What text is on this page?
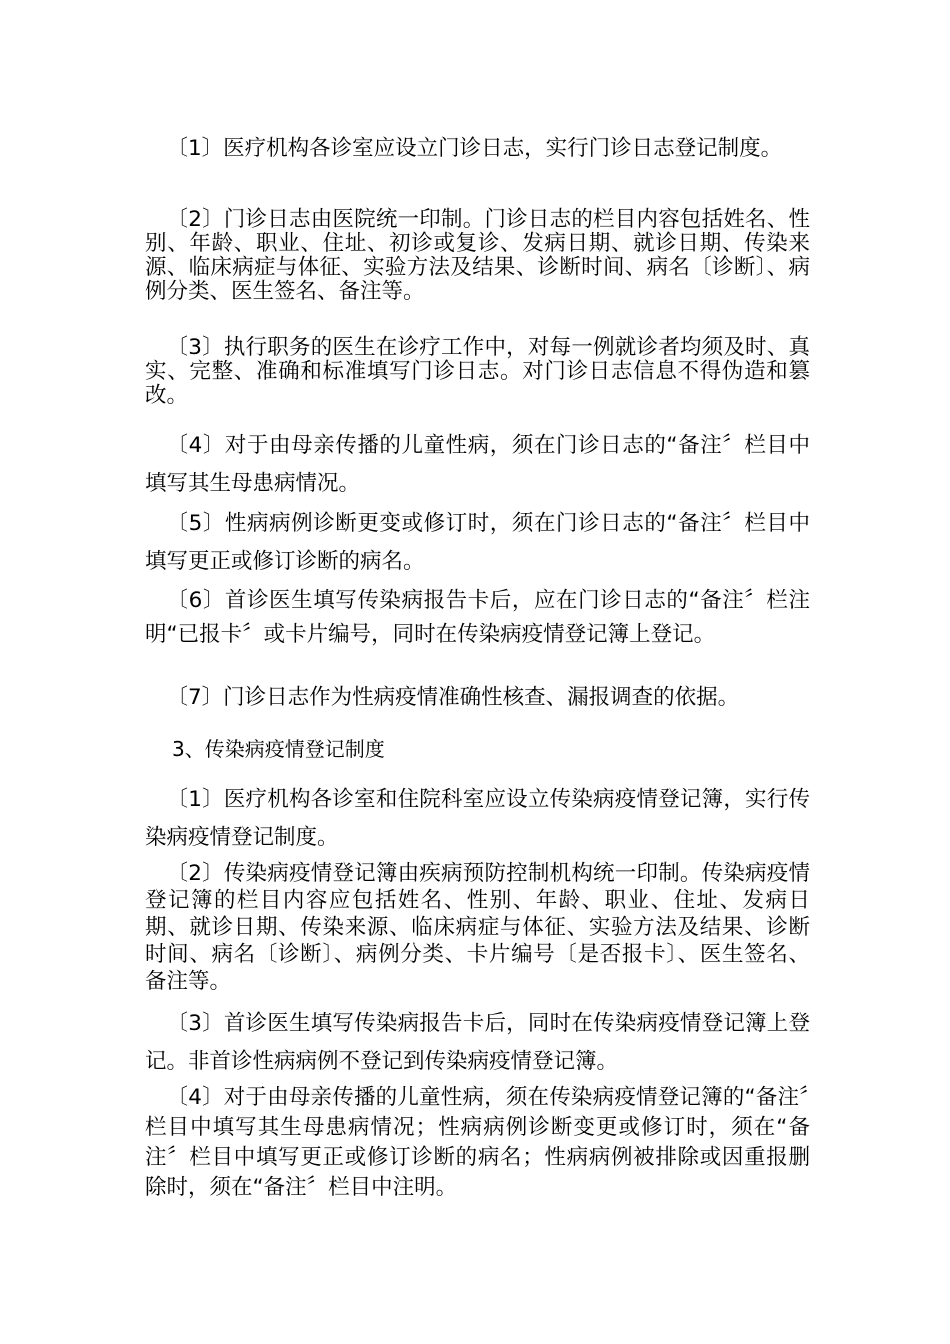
〔1〕医疗机构各诊室应设立门诊日志，实行门诊日志登记制度。

〔2〕门诊日志由医院统一印制。门诊日志的栏目内容包括姓名、性别、年龄、职业、住址、初诊或复诊、发病日期、就诊日期、传染来源、临床病症与体征、实验方法及结果、诊断时间、病名〔诊断〕、病例分类、医生签名、备注等。

〔3〕执行职务的医生在诊疗工作中，对每一例就诊者均须及时、真实、完整、准确和标准填写门诊日志。对门诊日志信息不得伪造和篡改。

〔4〕对于由母亲传播的儿童性病，须在门诊日志的“备注〞栏目中填写其生母患病情况。

〔5〕性病病例诊断更变或修订时，须在门诊日志的“备注〞栏目中填写更正或修订诊断的病名。

〔6〕首诊医生填写传染病报告卡后，应在门诊日志的“备注〞栏注明“已报卡〞或卡片编号，同时在传染病疫情登记簿上登记。

〔7〕门诊日志作为性病疫情准确性核查、漏报调查的依据。

3、传染病疫情登记制度

〔1〕医疗机构各诊室和住院科室应设立传染病疫情登记簿，实行传染病疫情登记制度。

〔2〕传染病疫情登记簿由疾病预防控制机构统一印制。传染病疫情登记簿的栏目内容应包括姓名、性别、年龄、职业、住址、发病日期、就诊日期、传染来源、临床病症与体征、实验方法及结果、诊断时间、病名〔诊断〕、病例分类、卡片编号〔是否报卡〕、医生签名、备注等。

〔3〕首诊医生填写传染病报告卡后，同时在传染病疫情登记簿上登记。非首诊性病病例不登记到传染病疫情登记簿。

〔4〕对于由母亲传播的儿童性病，须在传染病疫情登记簿的“备注〞栏目中填写其生母患病情况；性病病例诊断变更或修订时，须在“备注〞栏目中填写更正或修订诊断的病名；性病病例被排除或因重报删除时，须在“备注〞栏目中注明。
